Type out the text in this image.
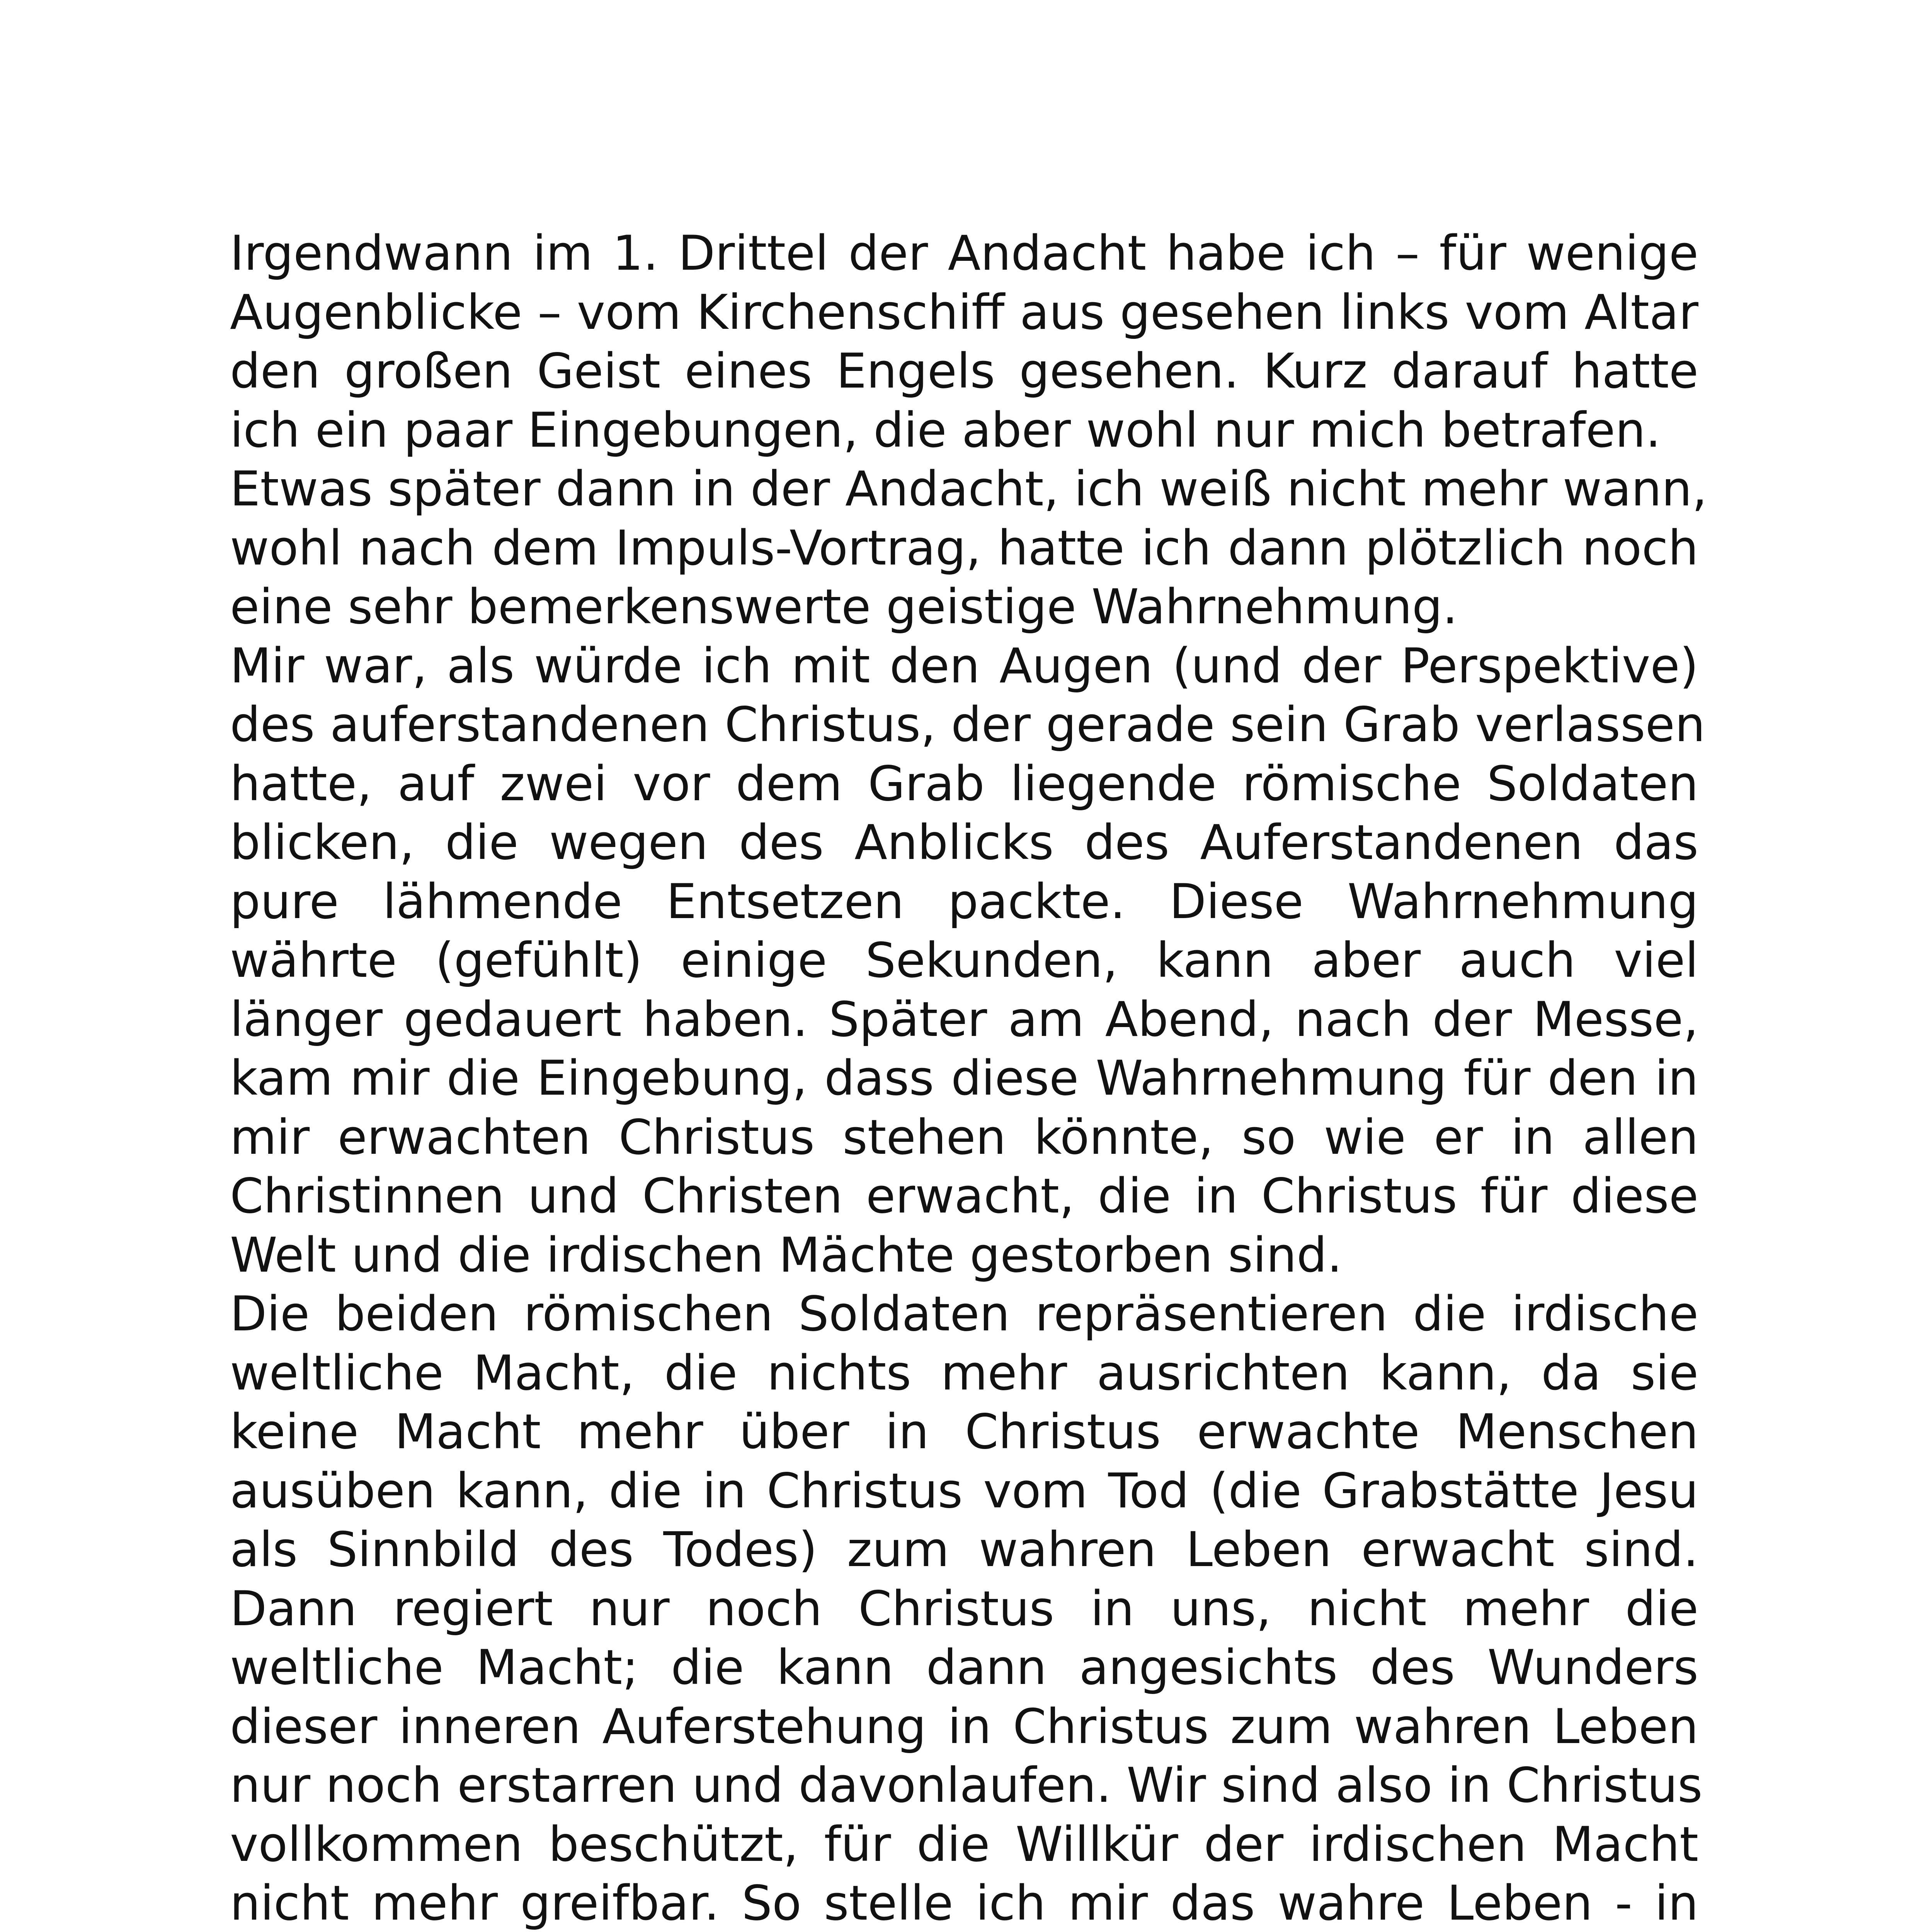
Irgendwann im 1. Drittel der Andacht habe ich – für wenige
Augenblicke – vom Kirchenschiff aus gesehen links vom Altar
den großen Geist eines Engels gesehen. Kurz darauf hatte
ich ein paar Eingebungen, die aber wohl nur mich betrafen.
Etwas später dann in der Andacht, ich weiß nicht mehr wann,
wohl nach dem Impuls-Vortrag, hatte ich dann plötzlich noch
eine sehr bemerkenswerte geistige Wahrnehmung.
Mir war, als würde ich mit den Augen (und der Perspektive)
des auferstandenen Christus, der gerade sein Grab verlassen
hatte, auf zwei vor dem Grab liegende römische Soldaten
blicken, die wegen des Anblicks des Auferstandenen das
pure lähmende Entsetzen packte. Diese Wahrnehmung
währte (gefühlt) einige Sekunden, kann aber auch viel
länger gedauert haben. Später am Abend, nach der Messe,
kam mir die Eingebung, dass diese Wahrnehmung für den in
mir erwachten Christus stehen könnte, so wie er in allen
Christinnen und Christen erwacht, die in Christus für diese
Welt und die irdischen Mächte gestorben sind.
Die beiden römischen Soldaten repräsentieren die irdische
weltliche Macht, die nichts mehr ausrichten kann, da sie
keine Macht mehr über in Christus erwachte Menschen
ausüben kann, die in Christus vom Tod (die Grabstätte Jesu
als Sinnbild des Todes) zum wahren Leben erwacht sind.
Dann regiert nur noch Christus in uns, nicht mehr die
weltliche Macht; die kann dann angesichts des Wunders
dieser inneren Auferstehung in Christus zum wahren Leben
nur noch erstarren und davonlaufen. Wir sind also in Christus
vollkommen beschützt, für die Willkür der irdischen Macht
nicht mehr greifbar. So stelle ich mir das wahre Leben - in
